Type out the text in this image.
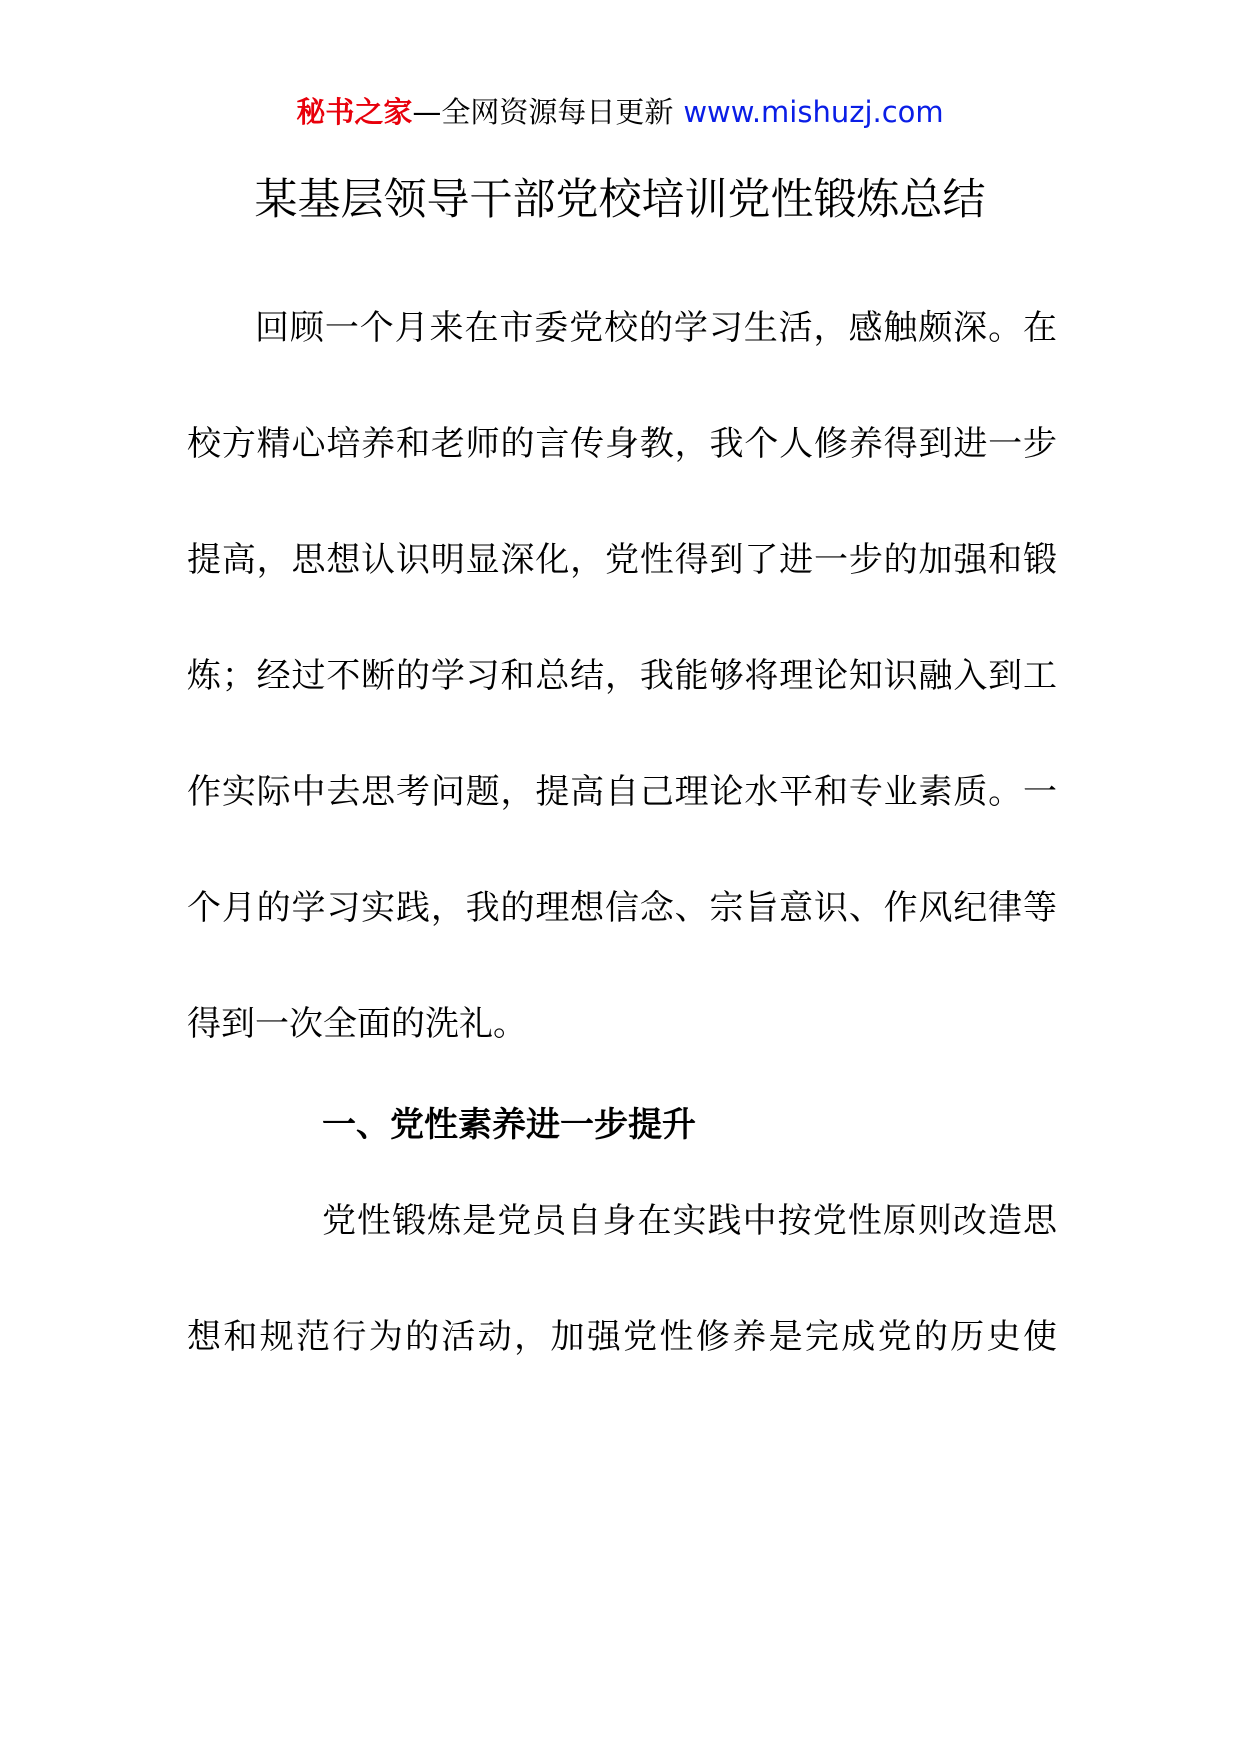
秘书之家—全网资源每日更新 www.mishuzj.com
某基层领导干部党校培训党性锻炼总结
回顾一个月来在市委党校的学习生活，感触颇深。在
校方精心培养和老师的言传身教，我个人修养得到进一步
提高，思想认识明显深化，党性得到了进一步的加强和锻
炼；经过不断的学习和总结，我能够将理论知识融入到工
作实际中去思考问题，提高自己理论水平和专业素质。一
个月的学习实践，我的理想信念、宗旨意识、作风纪律等
得到一次全面的洗礼。
一、党性素养进一步提升
党性锻炼是党员自身在实践中按党性原则改造思
想和规范行为的活动，加强党性修养是完成党的历史使
